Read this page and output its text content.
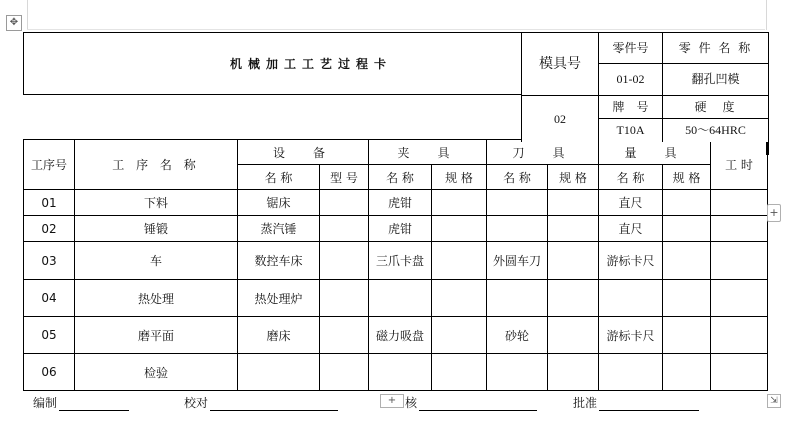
✥
机械加工工艺过程卡	

工序号	工 序 名 称	设　备		夹　具		刀　具		量　具		工 时
		名 称	型 号	名 称	规 格	名 称	规 格	名 称	规 格	
01	下料	锯床		虎钳				直尺		
02	锤锻	蒸汽锤		虎钳				直尺		
03	车	数控车床		三爪卡盘		外圆车刀		游标卡尺		
04	热处理	热处理炉								
05	磨平面	磨床		磁力吸盘		砂轮		游标卡尺		
06	检验									
模具号
02
零件号	零 件 名 称
01-02	翻孔凹模
牌　号	硬　度
T10A	50～64HRC
+
编制	校对	核	批准
+	⇲
